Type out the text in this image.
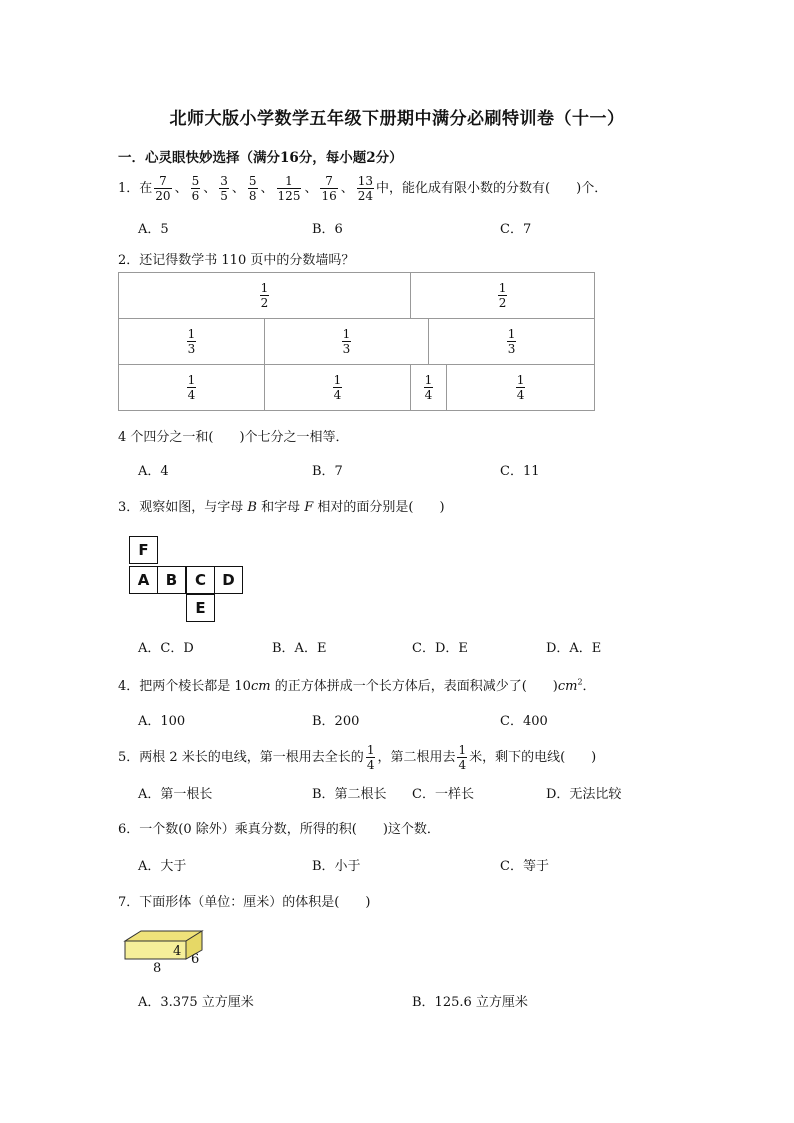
北师大版小学数学五年级下册期中满分必刷特训卷（十一）
一．心灵眼快妙选择（满分16分，每小题2分）
1．在 $\frac{7}{20}$ 、 $\frac{5}{6}$ 、 $\frac{3}{5}$ 、 $\frac{5}{8}$ 、 $\frac{1}{125}$ 、 $\frac{7}{16}$ 、 $\frac{13}{24}$ 中，能化成有限小数的分数有(　　)个．
A．5	B．6	C．7
2．还记得数学书 110 页中的分数墙吗？
$\frac{1}{2}$		$\frac{1}{2}$

$\frac{1}{3}$	$\frac{1}{3}$		$\frac{1}{3}$

$\frac{1}{4}$	$\frac{1}{4}$	$\frac{1}{4}$		$\frac{1}{4}$
4 个四分之一和(　　)个七分之一相等．
A．4	B．7	C．11
3．观察如图，与字母 B 和字母 F 相对的面分别是(　　)
F
A	B	C	D
E
A．C．D	B．A．E	C．D．E	D．A．E
4．把两个棱长都是 10cm 的正方体拼成一个长方体后，表面积减少了(　　)$cm^2$．
A．100	B．200	C．400
5．两根 2 米长的电线，第一根用去全长的 $\frac{1}{4}$ ，第二根用去 $\frac{1}{4}$ 米，剩下的电线(　　)
A．第一根长	B．第二根长 C．一样长	D．无法比较
6．一个数(0 除外）乘真分数，所得的积(　　)这个数．
A．大于	B．小于	C．等于
7．下面形体（单位：厘米）的体积是(　　)
4
6
8
A．3.375 立方厘米	B．125.6 立方厘米
